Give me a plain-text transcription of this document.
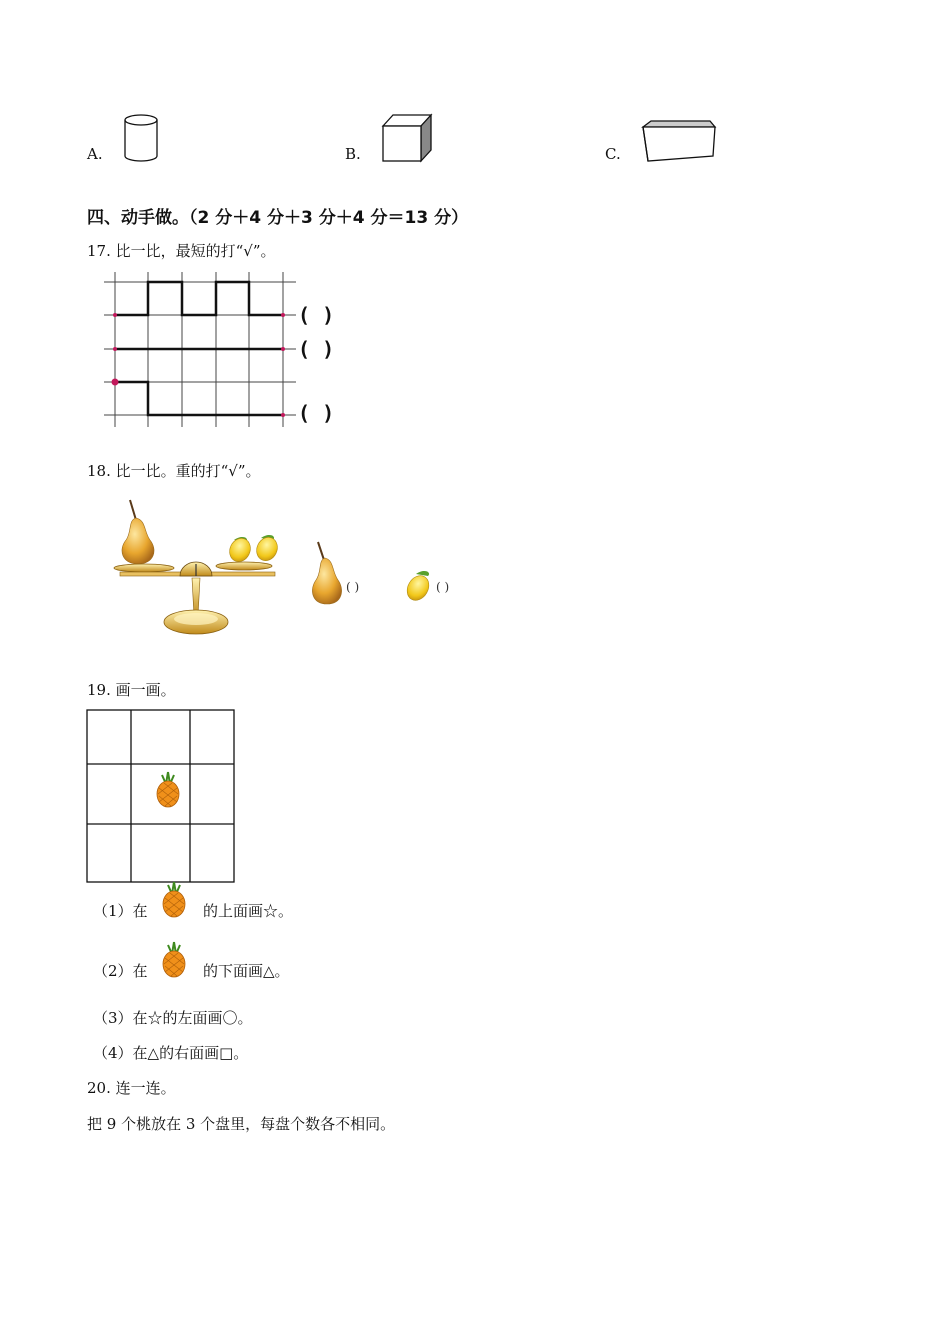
A.	B.	C.
四、动手做。（2 分＋4 分＋3 分＋4 分＝13 分）
17. 比一比，最短的打“√”。
( )
( )
( )
18. 比一比。重的打“√”。
( )	( )
19. 画一画。
（1）在	的上面画☆。
（2）在	的下面画△。
（3）在☆的左面画〇。
（4）在△的右面画□。
20. 连一连。
把 9 个桃放在 3 个盘里，每盘个数各不相同。
